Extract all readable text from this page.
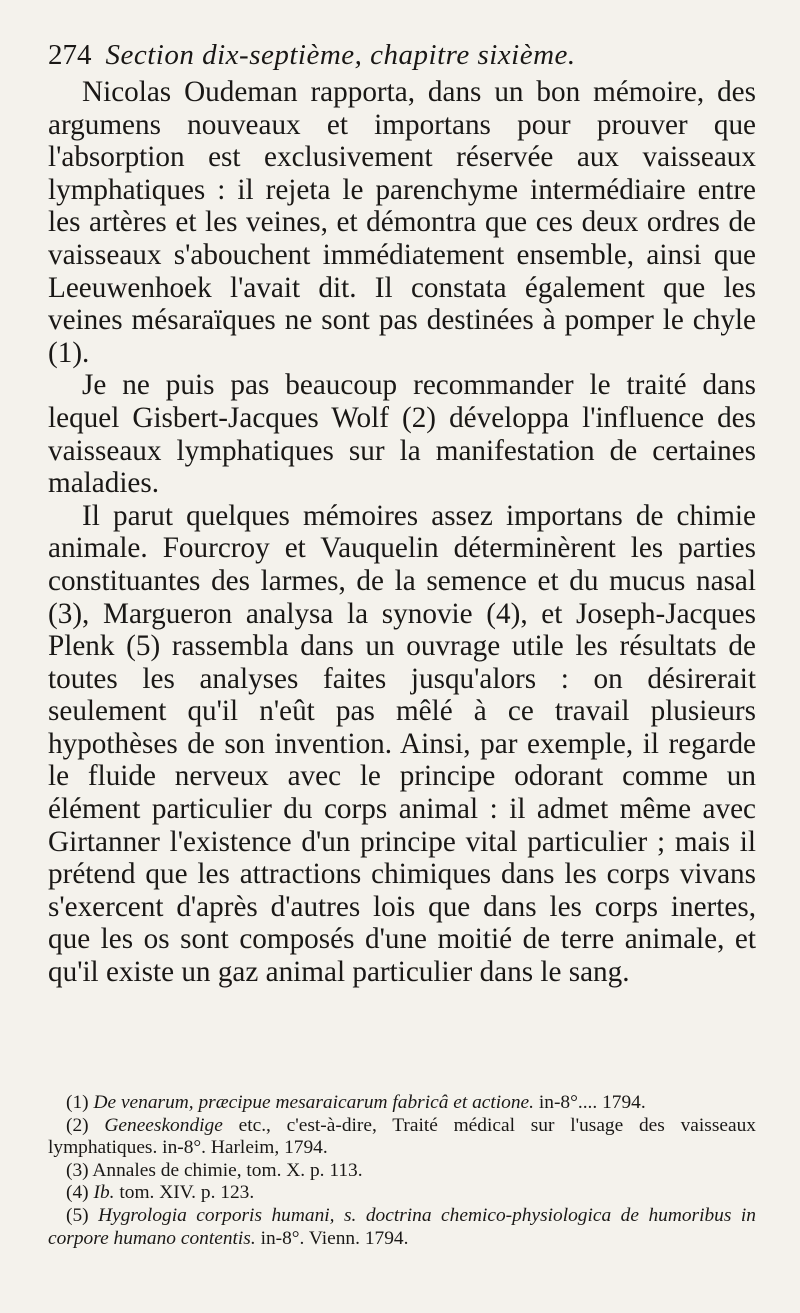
274 Section dix-septième, chapitre sixième.

Nicolas Oudeman rapporta, dans un bon mémoire, des argumens nouveaux et importans pour prouver que l'absorption est exclusivement réservée aux vaisseaux lymphatiques : il rejeta le parenchyme intermédiaire entre les artères et les veines, et démontra que ces deux ordres de vaisseaux s'abouchent immédiatement ensemble, ainsi que Leeuwenhoek l'avait dit. Il constata également que les veines mésaraïques ne sont pas destinées à pomper le chyle (1).

Je ne puis pas beaucoup recommander le traité dans lequel Gisbert-Jacques Wolf (2) développa l'influence des vaisseaux lymphatiques sur la manifestation de certaines maladies.

Il parut quelques mémoires assez importans de chimie animale. Fourcroy et Vauquelin déterminèrent les parties constituantes des larmes, de la semence et du mucus nasal (3), Margueron analysa la synovie (4), et Joseph-Jacques Plenk (5) rassembla dans un ouvrage utile les résultats de toutes les analyses faites jusqu'alors : on désirerait seulement qu'il n'eût pas mêlé à ce travail plusieurs hypothèses de son invention. Ainsi, par exemple, il regarde le fluide nerveux avec le principe odorant comme un élément particulier du corps animal : il admet même avec Girtanner l'existence d'un principe vital particulier ; mais il prétend que les attractions chimiques dans les corps vivans s'exercent d'après d'autres lois que dans les corps inertes, que les os sont composés d'une moitié de terre animale, et qu'il existe un gaz animal particulier dans le sang.

(1) De venarum, præcipue mesaraicarum fabricâ et actione. in-8°.... 1794.

(2) Geneeskondige etc., c'est-à-dire, Traité médical sur l'usage des vaisseaux lymphatiques. in-8°. Harleim, 1794.

(3) Annales de chimie, tom. X. p. 113.

(4) Ib. tom. XIV. p. 123.

(5) Hygrologia corporis humani, s. doctrina chemico-physiologica de humoribus in corpore humano contentis. in-8°. Vienn. 1794.
